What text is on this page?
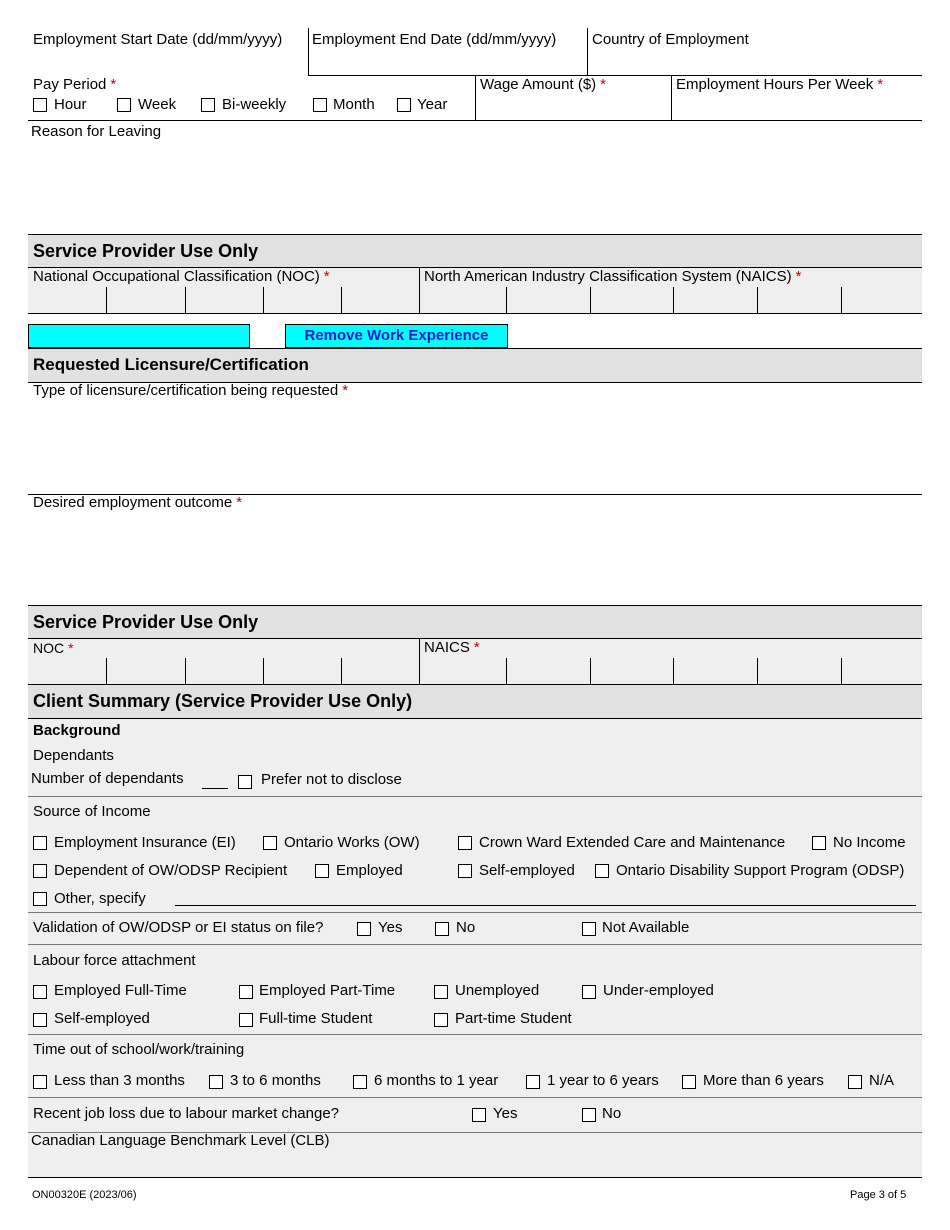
Employment Start Date (dd/mm/yyyy) Employment End Date (dd/mm/yyyy) Country of Employment
Pay Period *
Hour	Week	Bi-weekly	Month	Year
Wage Amount ($) *	Employment Hours Per Week *
Reason for Leaving
Service Provider Use Only
National Occupational Classification (NOC) *	North American Industry Classification System (NAICS) *
Remove Work Experience
Requested Licensure/Certification
Type of licensure/certification being requested *
Desired employment outcome *
Service Provider Use Only
NOC *	NAICS *
Client Summary (Service Provider Use Only)
Background
Dependants
Number of dependants	Prefer not to disclose
Source of Income
Employment Insurance (EI)	Ontario Works (OW)	Crown Ward Extended Care and Maintenance	No Income
Dependent of OW/ODSP Recipient	Employed	Self-employed	Ontario Disability Support Program (ODSP)
Other, specify
Validation of OW/ODSP or EI status on file?	Yes	No	Not Available
Labour force attachment
Employed Full-Time	Employed Part-Time	Unemployed	Under-employed
Self-employed	Full-time Student	Part-time Student
Time out of school/work/training
Less than 3 months	3 to 6 months	6 months to 1 year	1 year to 6 years	More than 6 years	N/A
Recent job loss due to labour market change?	Yes	No
Canadian Language Benchmark Level (CLB)
ON00320E (2023/06)	Page 3 of 5
